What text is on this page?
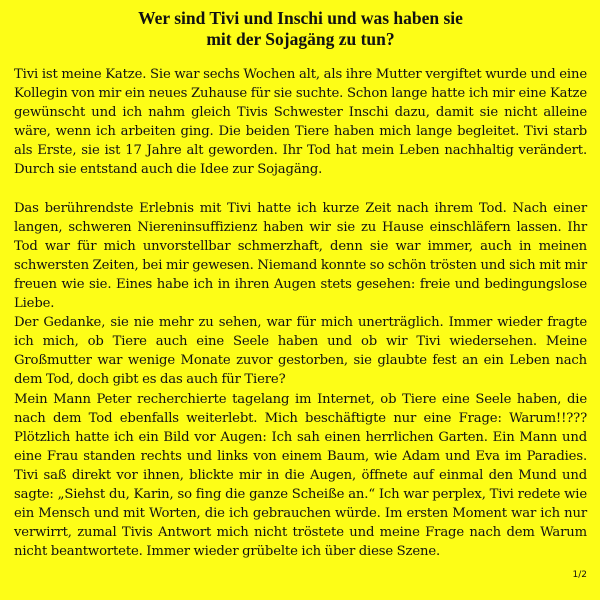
Wer sind Tivi und Inschi und was haben sie
mit der Sojagäng zu tun?

Tivi ist meine Katze. Sie war sechs Wochen alt, als ihre Mutter vergiftet wurde und eine Kollegin von mir ein neues Zuhause für sie suchte. Schon lange hatte ich mir eine Katze gewünscht und ich nahm gleich Tivis Schwester Inschi dazu, damit sie nicht alleine wäre, wenn ich arbeiten ging. Die beiden Tiere haben mich lange begleitet. Tivi starb als Erste, sie ist 17 Jahre alt geworden. Ihr Tod hat mein Leben nachhaltig verändert. Durch sie entstand auch die Idee zur Sojagäng.

Das berührendste Erlebnis mit Tivi hatte ich kurze Zeit nach ihrem Tod. Nach einer langen, schweren Niereninsuffizienz haben wir sie zu Hause einschläfern lassen. Ihr Tod war für mich unvorstellbar schmerzhaft, denn sie war immer, auch in meinen schwersten Zeiten, bei mir gewesen. Niemand konnte so schön trösten und sich mit mir freuen wie sie. Eines habe ich in ihren Augen stets gesehen: freie und bedingungslose Liebe.

Der Gedanke, sie nie mehr zu sehen, war für mich unerträglich. Immer wieder fragte ich mich, ob Tiere auch eine Seele haben und ob wir Tivi wiedersehen. Meine Großmutter war wenige Monate zuvor gestorben, sie glaubte fest an ein Leben nach dem Tod, doch gibt es das auch für Tiere?

Mein Mann Peter recherchierte tagelang im Internet, ob Tiere eine Seele haben, die nach dem Tod ebenfalls weiterlebt. Mich beschäftigte nur eine Frage: Warum!!??? Plötzlich hatte ich ein Bild vor Augen: Ich sah einen herrlichen Garten. Ein Mann und eine Frau standen rechts und links von einem Baum, wie Adam und Eva im Paradies. Tivi saß direkt vor ihnen, blickte mir in die Augen, öffnete auf einmal den Mund und sagte: „Siehst du, Karin, so fing die ganze Scheiße an.“ Ich war perplex, Tivi redete wie ein Mensch und mit Worten, die ich gebrauchen würde. Im ersten Moment war ich nur verwirrt, zumal Tivis Antwort mich nicht tröstete und meine Frage nach dem Warum nicht beantwortete. Immer wieder grübelte ich über diese Szene.

1/2
